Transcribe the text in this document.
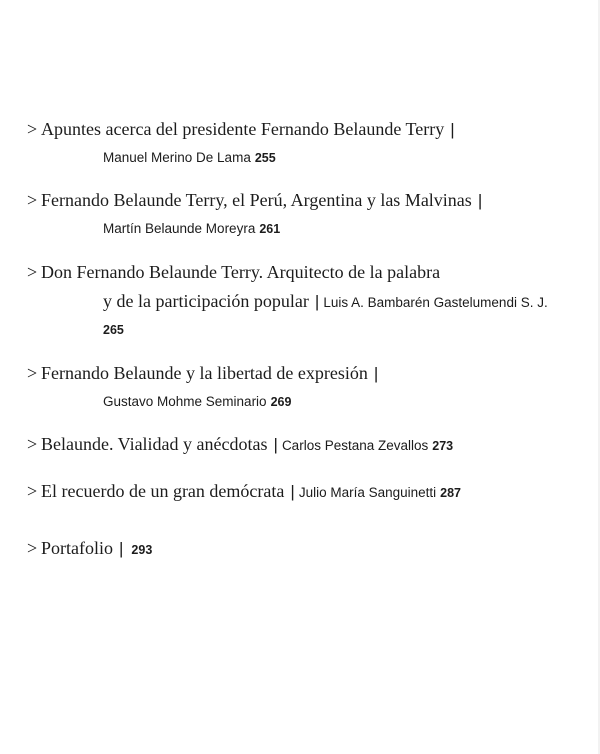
> Apuntes acerca del presidente Fernando Belaunde Terry |
Manuel Merino De Lama 255
> Fernando Belaunde Terry, el Perú, Argentina y las Malvinas |
Martín Belaunde Moreyra 261
> Don Fernando Belaunde Terry. Arquitecto de la palabra
y de la participación popular | Luis A. Bambarén Gastelumendi S. J.
265
> Fernando Belaunde y la libertad de expresión |
Gustavo Mohme Seminario 269
> Belaunde. Vialidad y anécdotas | Carlos Pestana Zevallos 273
> El recuerdo de un gran demócrata | Julio María Sanguinetti 287
> Portafolio | 293
